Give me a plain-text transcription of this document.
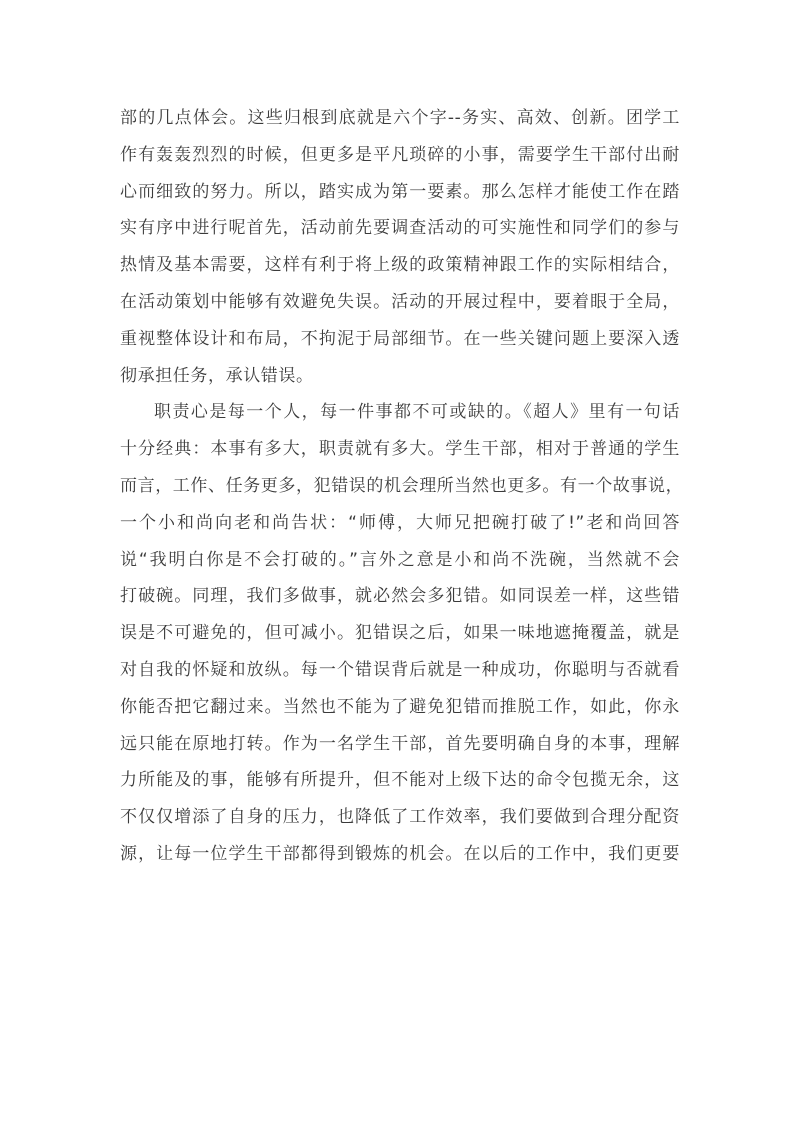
部的几点体会。这些归根到底就是六个字--务实、高效、创新。团学工
作有轰轰烈烈的时候，但更多是平凡琐碎的小事，需要学生干部付出耐
心而细致的努力。所以，踏实成为第一要素。那么怎样才能使工作在踏
实有序中进行呢首先，活动前先要调查活动的可实施性和同学们的参与
热情及基本需要，这样有利于将上级的政策精神跟工作的实际相结合，
在活动策划中能够有效避免失误。活动的开展过程中，要着眼于全局，
重视整体设计和布局，不拘泥于局部细节。在一些关键问题上要深入透
彻承担任务，承认错误。
职责心是每一个人，每一件事都不可或缺的。《超人》里有一句话
十分经典：本事有多大，职责就有多大。学生干部，相对于普通的学生
而言，工作、任务更多，犯错误的机会理所当然也更多。有一个故事说，
一个小和尚向老和尚告状：“师傅，大师兄把碗打破了!”老和尚回答
说“我明白你是不会打破的。”言外之意是小和尚不洗碗，当然就不会
打破碗。同理，我们多做事，就必然会多犯错。如同误差一样，这些错
误是不可避免的，但可减小。犯错误之后，如果一味地遮掩覆盖，就是
对自我的怀疑和放纵。每一个错误背后就是一种成功，你聪明与否就看
你能否把它翻过来。当然也不能为了避免犯错而推脱工作，如此，你永
远只能在原地打转。作为一名学生干部，首先要明确自身的本事，理解
力所能及的事，能够有所提升，但不能对上级下达的命令包揽无余，这
不仅仅增添了自身的压力，也降低了工作效率，我们要做到合理分配资
源，让每一位学生干部都得到锻炼的机会。在以后的工作中，我们更要
